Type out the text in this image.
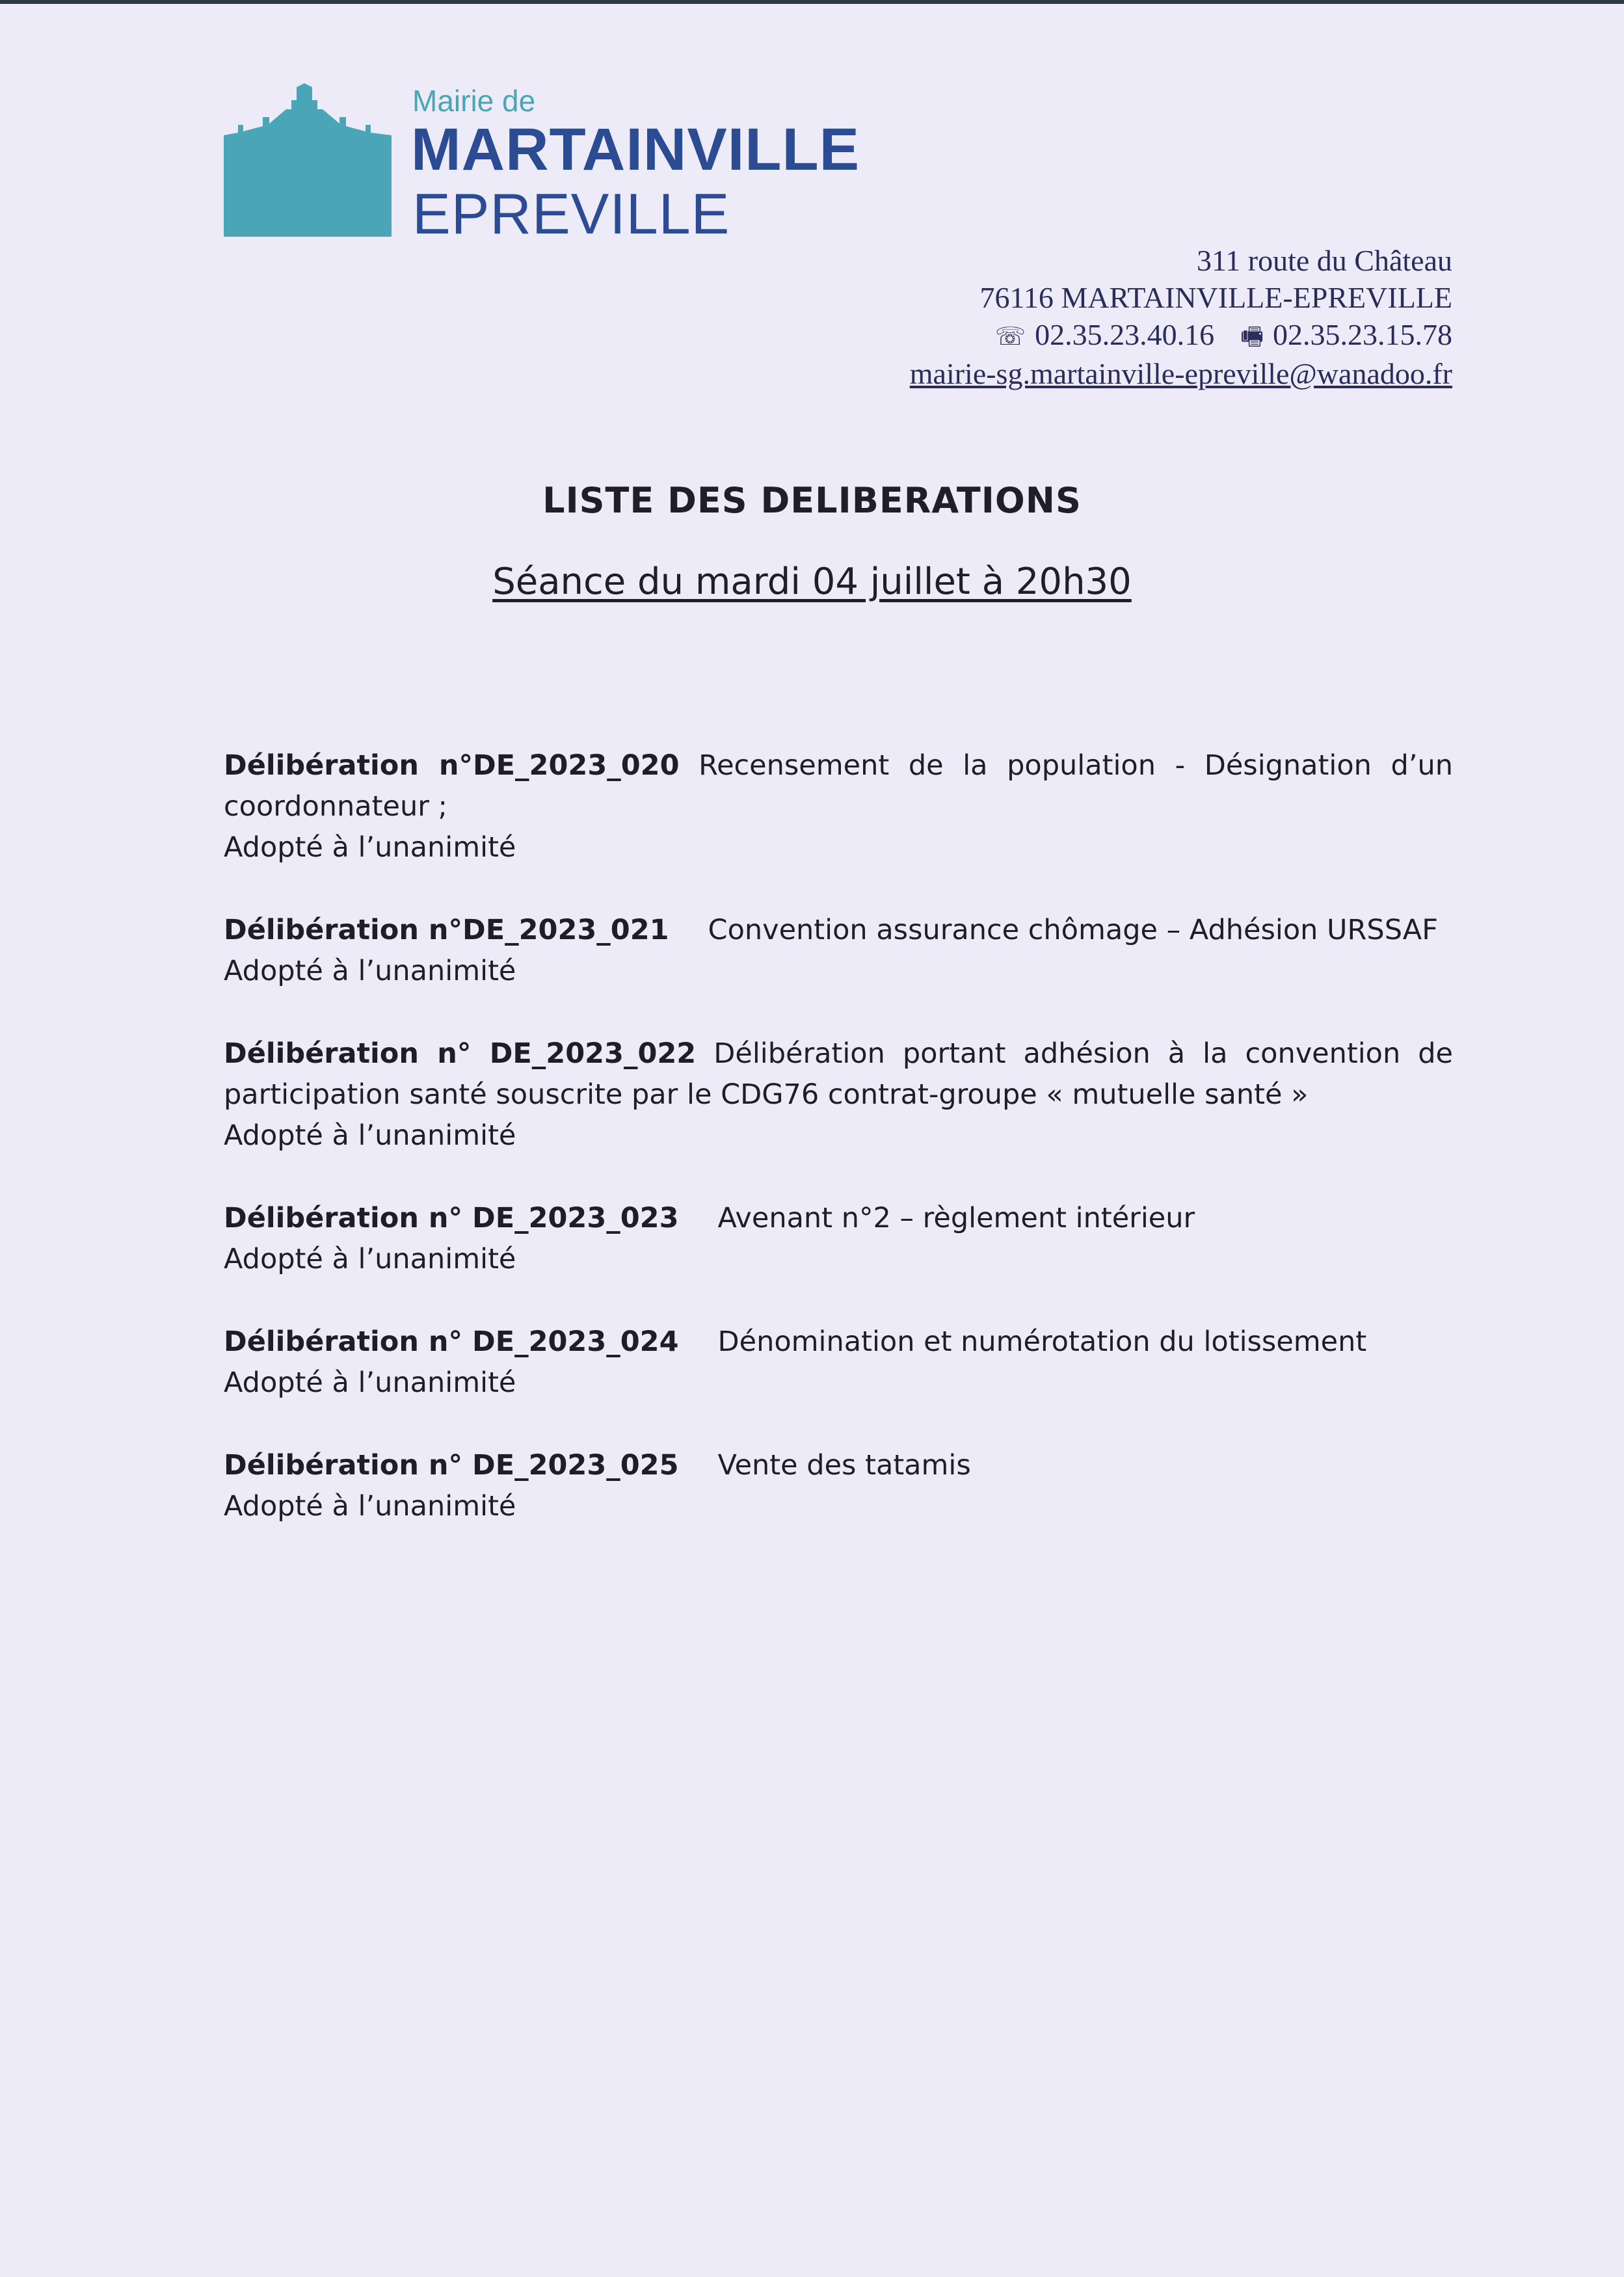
Mairie de
MARTAINVILLE
EPREVILLE
311 route du Château
76116 MARTAINVILLE-EPREVILLE
☏ 02.35.23.40.16 🖷 02.35.23.15.78
mairie-sg.martainville-epreville@wanadoo.fr
LISTE DES DELIBERATIONS
Séance du mardi 04 juillet à 20h30
Délibération n°DE_2023_020 Recensement de la population - Désignation d’un
coordonnateur ;
Adopté à l’unanimité
Délibération n°DE_2023_021 Convention assurance chômage – Adhésion URSSAF
Adopté à l’unanimité
Délibération n° DE_2023_022 Délibération portant adhésion à la convention de
participation santé souscrite par le CDG76 contrat-groupe « mutuelle santé »
Adopté à l’unanimité
Délibération n° DE_2023_023 Avenant n°2 – règlement intérieur
Adopté à l’unanimité
Délibération n° DE_2023_024 Dénomination et numérotation du lotissement
Adopté à l’unanimité
Délibération n° DE_2023_025 Vente des tatamis
Adopté à l’unanimité
